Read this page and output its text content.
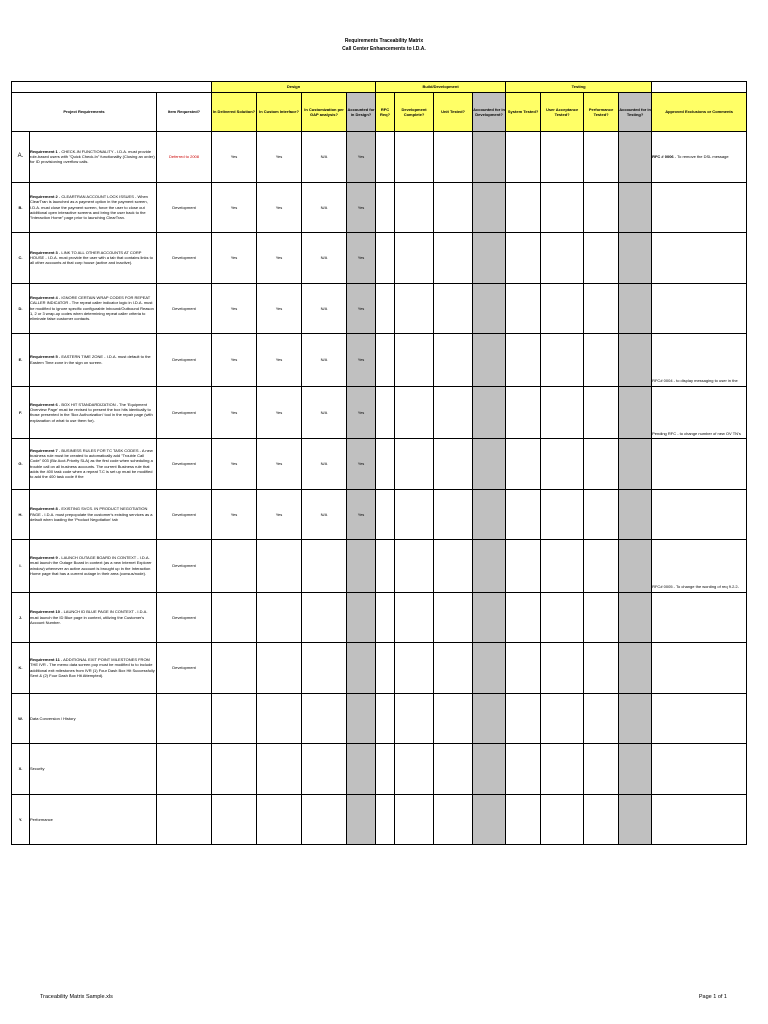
Requirements Traceability Matrix
Call Center Enhancements to I.D.A.
			Design				Build/Development				Testing				
Project Requirements		Item Requested?	In Delivered Solution?	In Custom Interface?	In Customization per GAP analysis?	Accounted for in Design?	RFC Req?	Development Complete?	Unit Tested?	Accounted for in Development?	System Tested?	User Acceptance Tested?	Performance Tested?	Accounted for in Testing?	Approved Exclusions or Comments
A.	Requirement 1 - CHECK-IN FUNCTIONALITY - I.D.A. must provide role-based users with "Quick Check-In" functionality (Closing an order) for ID provisioning overflow calls.	Deferred to 2008	Yes	Yes	N/A	Yes									RFC # 0006 - To remove the DSL message
B.	Requirement 2 - CLEARTRAN ACCOUNT LOCK ISSUES - When ClearTran is launched as a payment option in the payment screen, I.D.A. must close the payment screen, force the user to close out additional open interactive screens and bring the user back to the "Interaction Home" page prior to launching ClearTran.	Development	Yes	Yes	N/A	Yes									
C.	Requirement 3 - LINK TO ALL OTHER ACCOUNTS AT CORP HOUSE - I.D.A. must provide the user with a tab that contains links to all other accounts at that corp house (active and inactive).	Development	Yes	Yes	N/A	Yes									
D.	Requirement 4 - IGNORE CERTAIN WRAP CODES FOR REPEAT CALLER INDICATOR - The repeat caller indicator logic in I.D.A. must be modified to ignore specific configurable Inbound/Outbound Reason 1, 2 or 3 wrap-up codes when determining repeat caller criteria to eliminate false customer contacts.	Development	Yes	Yes	N/A	Yes									
E.	Requirement 5 - EASTERN TIME ZONE - I.D.A. must default to the Eastern Time zone in the sign on screen.	Development	Yes	Yes	N/A	Yes									RFC# 0004 - to display messaging to user in the
F.	Requirement 6 - BOX HIT STANDARDIZATION - The 'Equipment Overview Page' must be revised to present the box hits identically to those presented in the 'Box Authorization' tool in the repair page (with explanation of what to use them for).	Development	Yes	Yes	N/A	Yes									Pending RFC - to change number of new OV TN's
G.	Requirement 7 - BUSINESS RULES FOR TC TASK CODES - A new business rule must be created to automatically add "Trouble Call Code" 003 (Biz Acct-Priority SLA) as the first code when scheduling a trouble call on all business accounts. The current Business rule that adds the 400 task code when a repeat T.C is set up must be modified to add the 400 task code if the	Development	Yes	Yes	N/A	Yes									
H.	Requirement 8 - EXISTING SVCS. IN PRODUCT NEGOTIATION PAGE - I.D.A. must prepopulate the customer's existing services as a default when loading the 'Product Negotiation' tab	Development	Yes	Yes	N/A	Yes									
I.	Requirement 9 - LAUNCH OUTAGE BOARD IN CONTEXT - I.D.A. must launch the Outage Board in context (as a new Internet Explorer window) whenever an active account is brought up in the Interaction Home page that has a current outage in their area (consus/node).	Development													RFC# 0005 - To change the wording of req 9.2.2-
J.	Requirement 10 - LAUNCH ID BLUE PAGE IN CONTEXT - I.D.A. must launch the ID Blue page in context, utilizing the Customer's Account Number.	Development													
K.	Requirement 11 - ADDITIONAL EXIT POINT MILESTONES FROM THE IVR - The memo data screen pop must be modified to to include additional exit milestones from IVR (1) Four Dash Box Hit Successfully Sent & (2) Four Dash Box Hit Attempted).	Development													
W.	Data Conversion / History														
X.	Security														
Y.	Performance														
Traceability Matrix Sample.xls	Page 1 of 1
